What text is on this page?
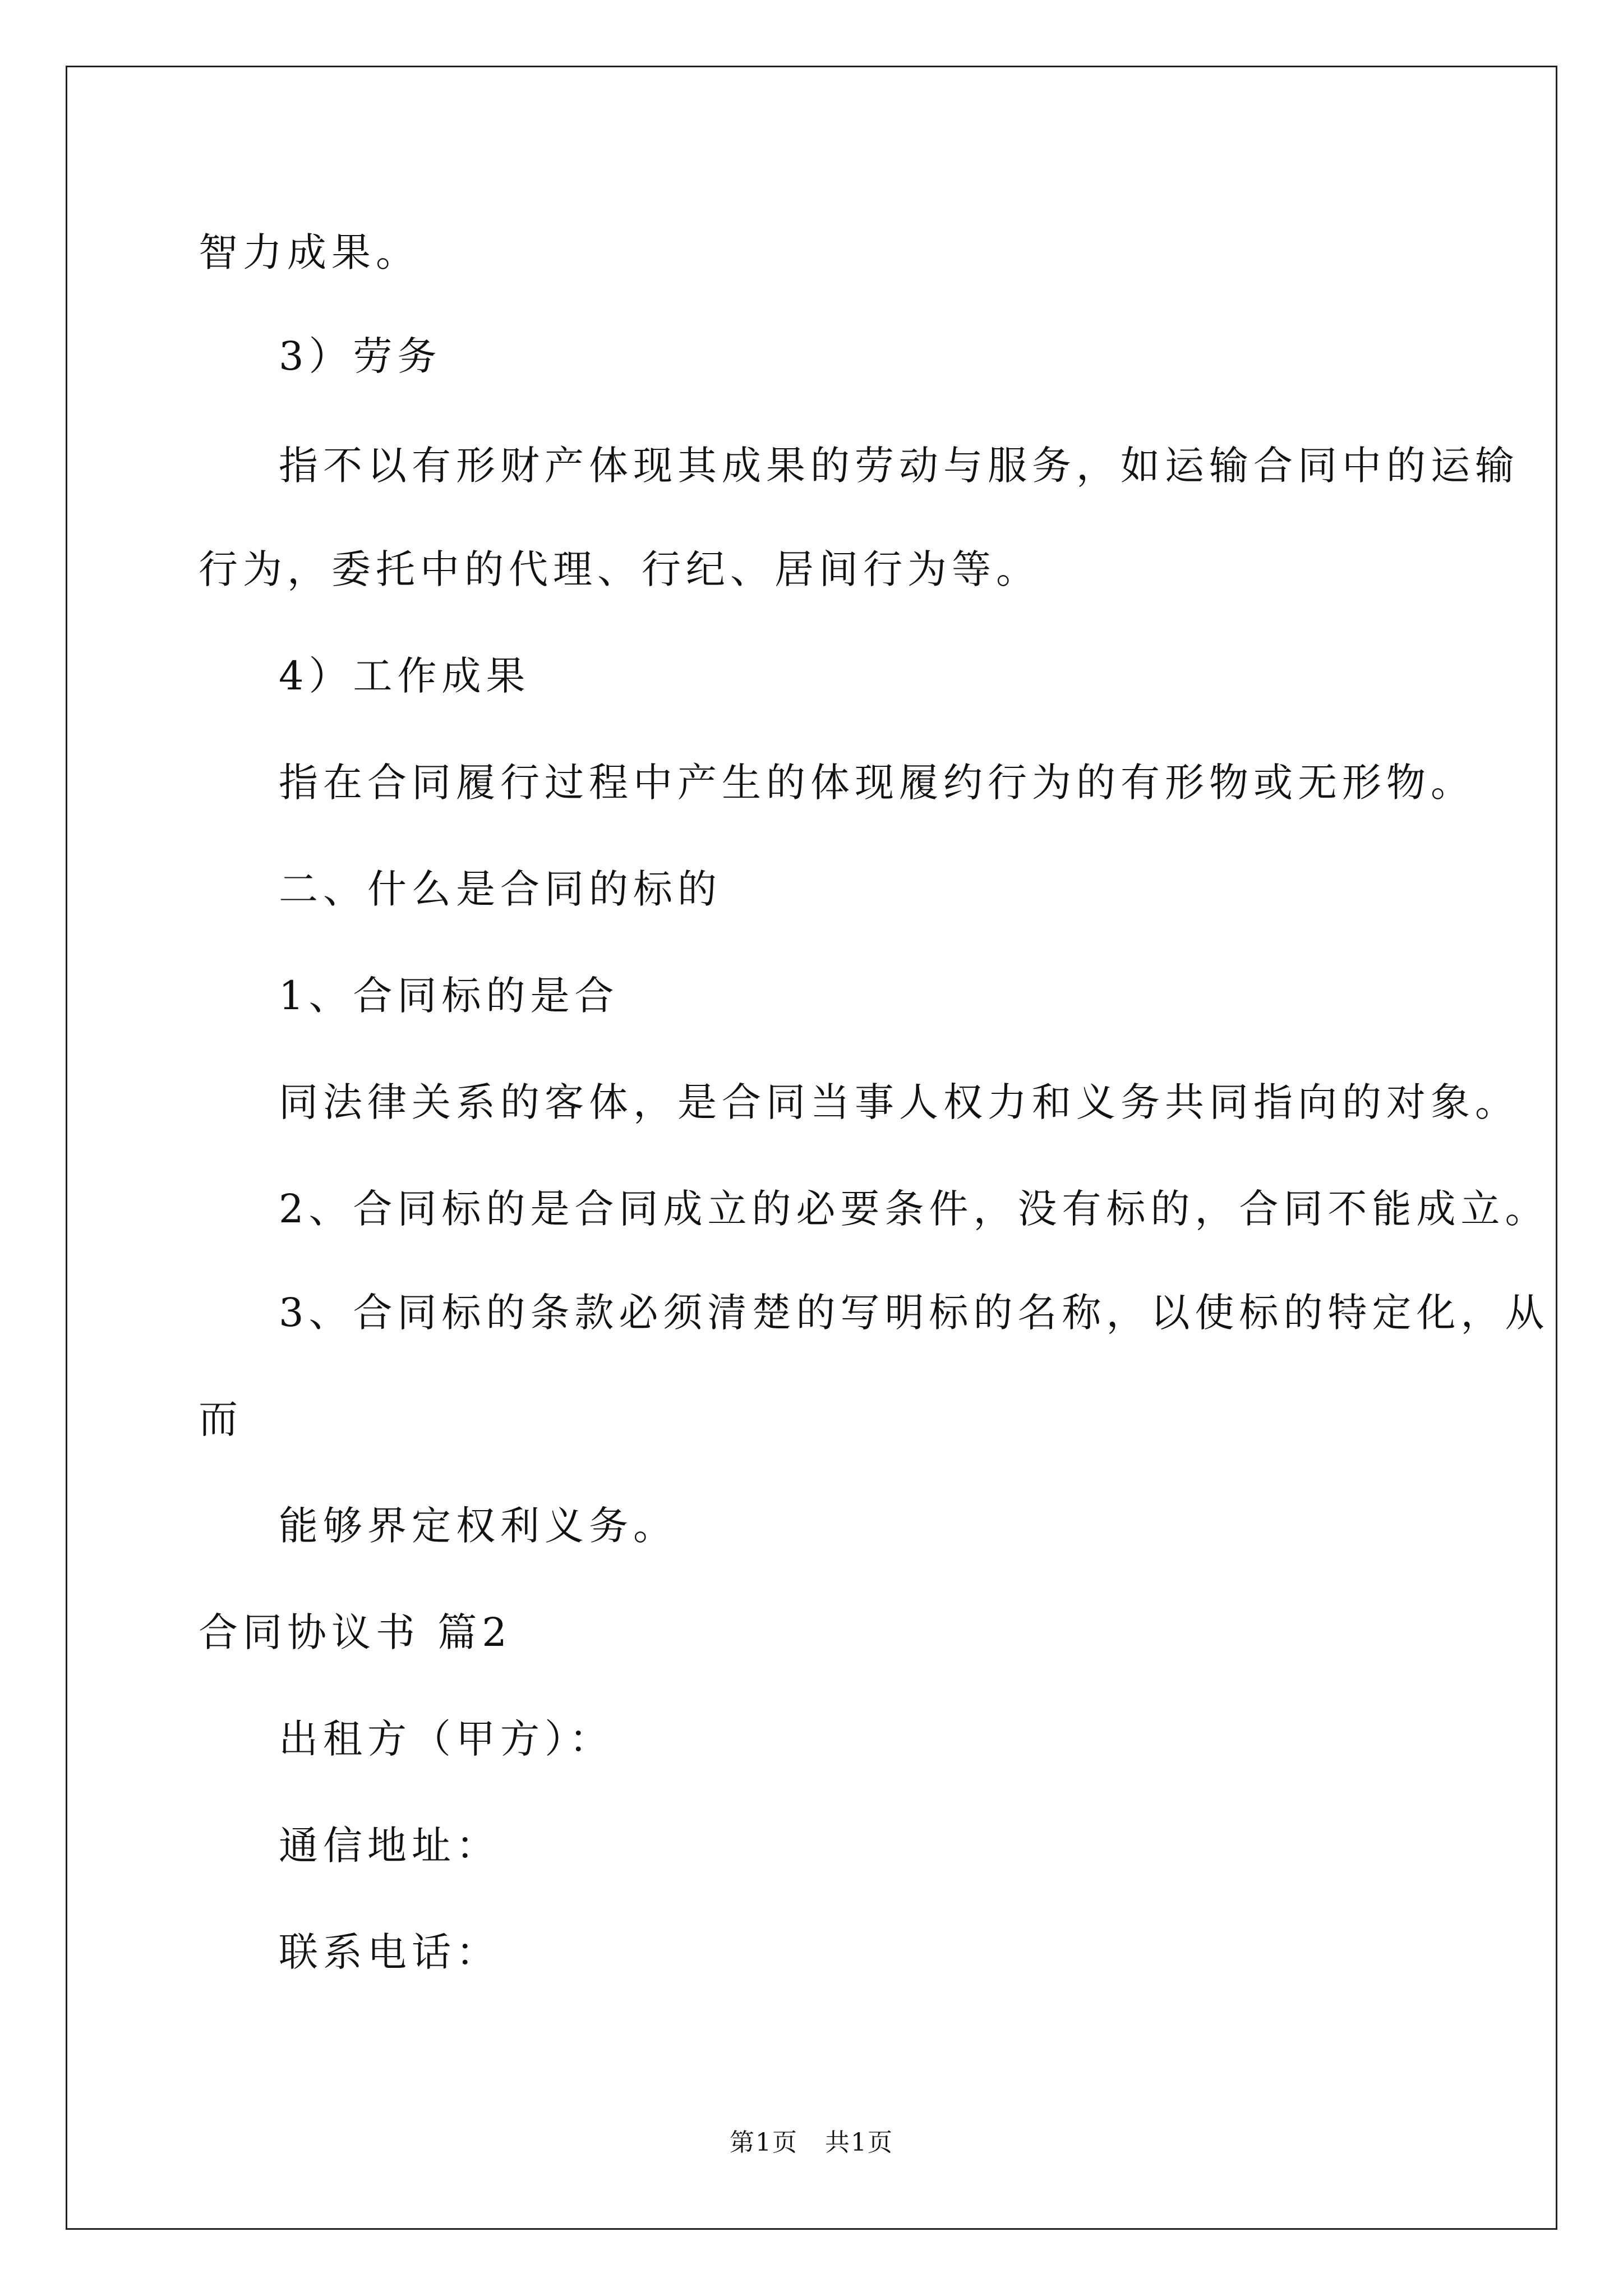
智力成果。
3）劳务
指不以有形财产体现其成果的劳动与服务，如运输合同中的运输
行为，委托中的代理、行纪、居间行为等。
4）工作成果
指在合同履行过程中产生的体现履约行为的有形物或无形物。
二、什么是合同的标的
1、合同标的是合
同法律关系的客体，是合同当事人权力和义务共同指向的对象。
2、合同标的是合同成立的必要条件，没有标的，合同不能成立。
3、合同标的条款必须清楚的写明标的名称，以使标的特定化，从
而
能够界定权利义务。
合同协议书 篇2
出租方（甲方）：
通信地址：
联系电话：
第1页 共1页
